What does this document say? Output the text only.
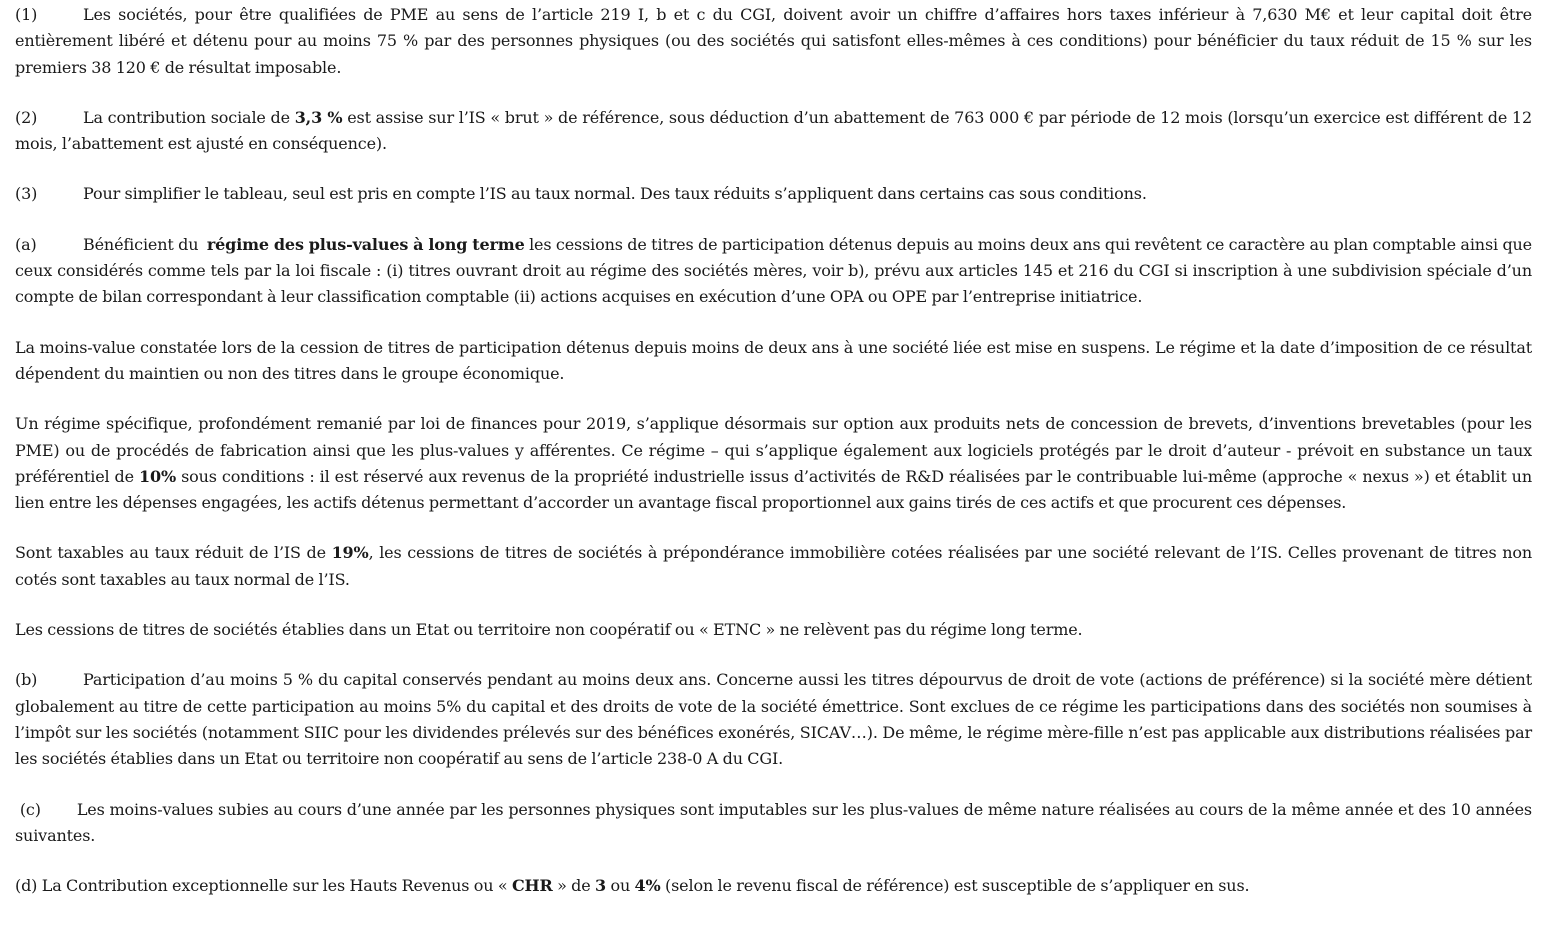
(1)	Les sociétés, pour être qualifiées de PME au sens de l’article 219 I, b et c du CGI, doivent avoir un chiffre d’affaires hors taxes inférieur à 7,630 M€ et leur capital doit être entièrement libéré et détenu pour au moins 75 % par des personnes physiques (ou des sociétés qui satisfont elles-mêmes à ces conditions) pour bénéficier du taux réduit de 15 % sur les premiers 38 120 € de résultat imposable.

(2)	La contribution sociale de 3,3 % est assise sur l’IS « brut » de référence, sous déduction d’un abattement de 763 000 € par période de 12 mois (lorsqu’un exercice est différent de 12 mois, l’abattement est ajusté en conséquence).

(3)	Pour simplifier le tableau, seul est pris en compte l’IS au taux normal. Des taux réduits s’appliquent dans certains cas sous conditions.

(a)	Bénéficient du régime des plus-values à long terme les cessions de titres de participation détenus depuis au moins deux ans qui revêtent ce caractère au plan comptable ainsi que ceux considérés comme tels par la loi fiscale : (i) titres ouvrant droit au régime des sociétés mères, voir b), prévu aux articles 145 et 216 du CGI si inscription à une subdivision spéciale d’un compte de bilan correspondant à leur classification comptable (ii) actions acquises en exécution d’une OPA ou OPE par l’entreprise initiatrice.

La moins-value constatée lors de la cession de titres de participation détenus depuis moins de deux ans à une société liée est mise en suspens. Le régime et la date d’imposition de ce résultat dépendent du maintien ou non des titres dans le groupe économique.

Un régime spécifique, profondément remanié par loi de finances pour 2019, s’applique désormais sur option aux produits nets de concession de brevets, d’inventions brevetables (pour les PME) ou de procédés de fabrication ainsi que les plus-values y afférentes. Ce régime – qui s’applique également aux logiciels protégés par le droit d’auteur - prévoit en substance un taux préférentiel de 10% sous conditions : il est réservé aux revenus de la propriété industrielle issus d’activités de R&D réalisées par le contribuable lui-même (approche « nexus ») et établit un lien entre les dépenses engagées, les actifs détenus permettant d’accorder un avantage fiscal proportionnel aux gains tirés de ces actifs et que procurent ces dépenses.

Sont taxables au taux réduit de l’IS de 19%, les cessions de titres de sociétés à prépondérance immobilière cotées réalisées par une société relevant de l’IS. Celles provenant de titres non cotés sont taxables au taux normal de l’IS.

Les cessions de titres de sociétés établies dans un Etat ou territoire non coopératif ou « ETNC » ne relèvent pas du régime long terme.

(b)	Participation d’au moins 5 % du capital conservés pendant au moins deux ans. Concerne aussi les titres dépourvus de droit de vote (actions de préférence) si la société mère détient globalement au titre de cette participation au moins 5% du capital et des droits de vote de la société émettrice. Sont exclues de ce régime les participations dans des sociétés non soumises à l’impôt sur les sociétés (notamment SIIC pour les dividendes prélevés sur des bénéfices exonérés, SICAV…). De même, le régime mère-fille n’est pas applicable aux distributions réalisées par les sociétés établies dans un Etat ou territoire non coopératif au sens de l’article 238-0 A du CGI.

(c) Les moins-values subies au cours d’une année par les personnes physiques sont imputables sur les plus-values de même nature réalisées au cours de la même année et des 10 années suivantes.

(d) La Contribution exceptionnelle sur les Hauts Revenus ou « CHR » de 3 ou 4% (selon le revenu fiscal de référence) est susceptible de s’appliquer en sus.
